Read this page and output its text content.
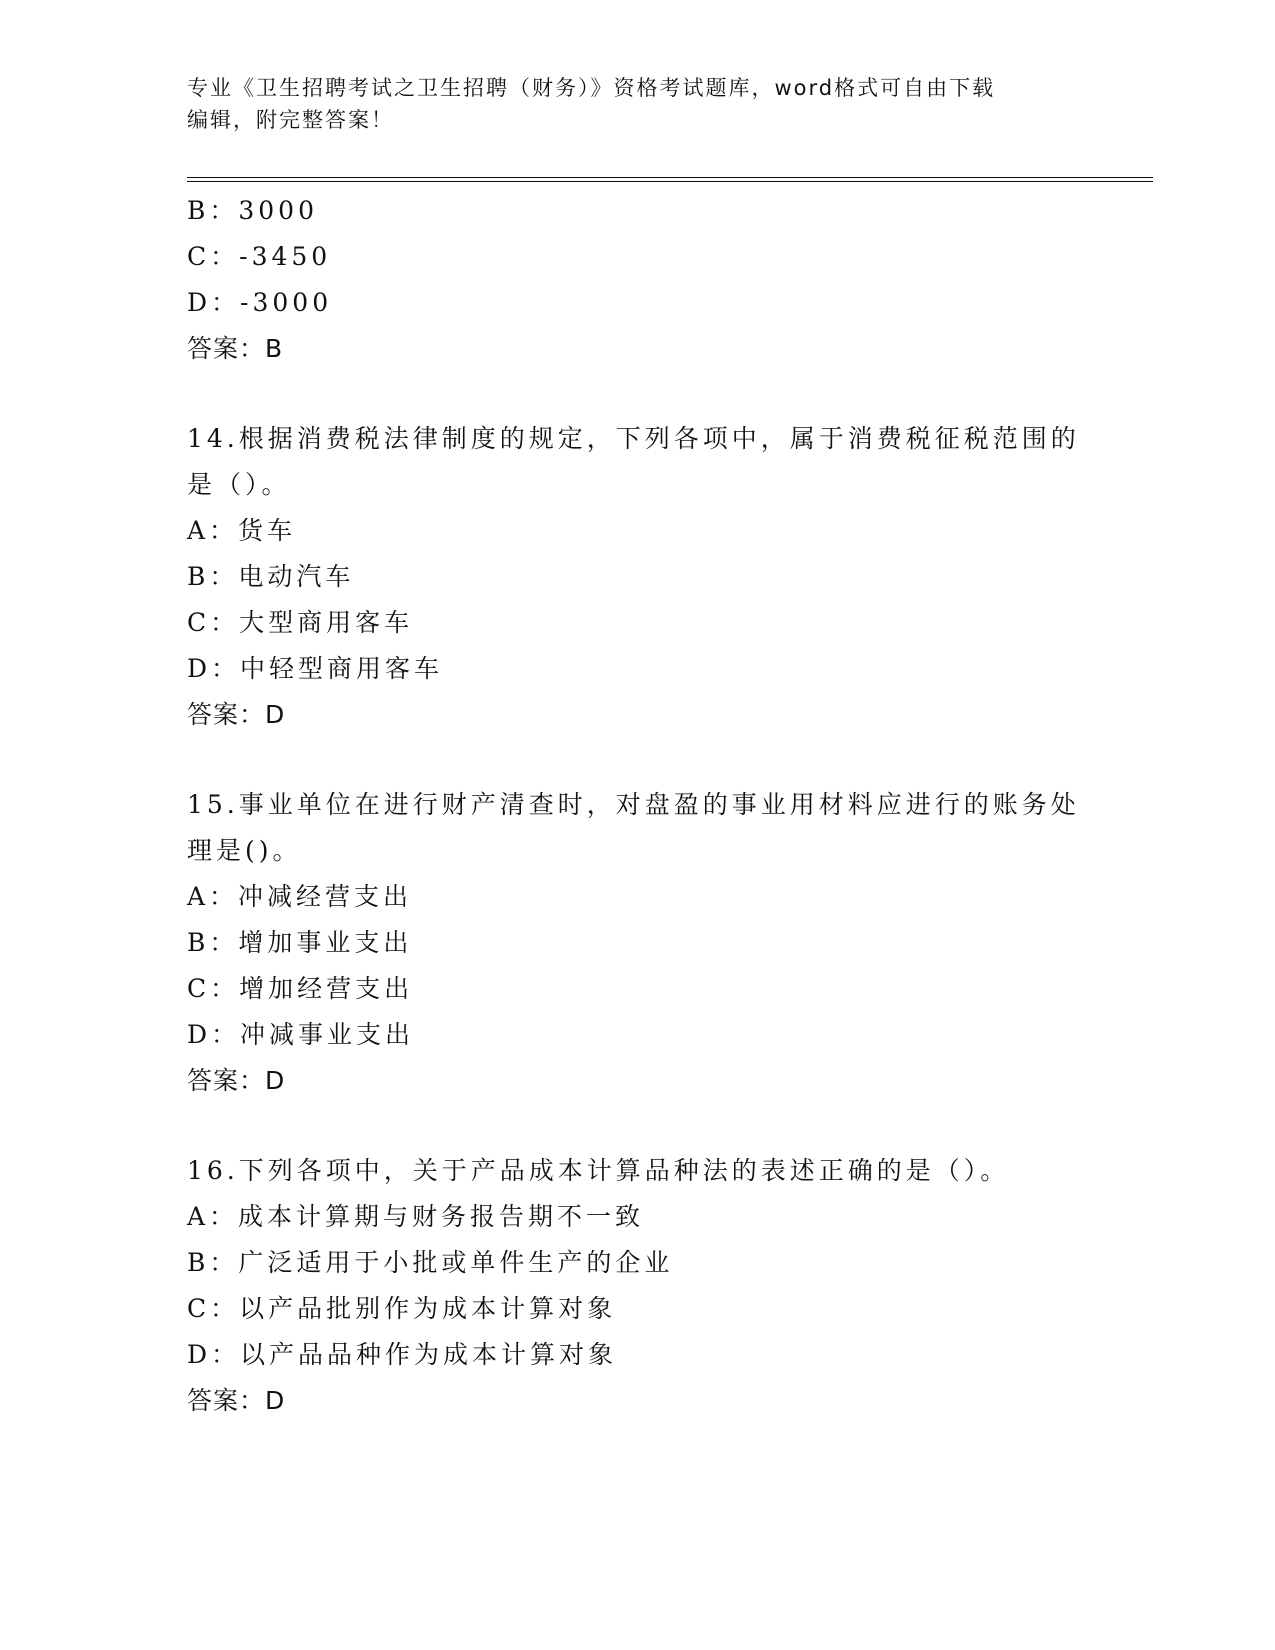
专业《卫生招聘考试之卫生招聘（财务）》资格考试题库，word格式可自由下载
编辑，附完整答案！
B：3000
C：-3450
D：-3000
答案：B
14.根据消费税法律制度的规定，下列各项中，属于消费税征税范围的
是（）。
A：货车
B：电动汽车
C：大型商用客车
D：中轻型商用客车
答案：D
15.事业单位在进行财产清查时，对盘盈的事业用材料应进行的账务处
理是()。
A：冲减经营支出
B：增加事业支出
C：增加经营支出
D：冲减事业支出
答案：D
16.下列各项中，关于产品成本计算品种法的表述正确的是（）。
A：成本计算期与财务报告期不一致
B：广泛适用于小批或单件生产的企业
C：以产品批别作为成本计算对象
D：以产品品种作为成本计算对象
答案：D
